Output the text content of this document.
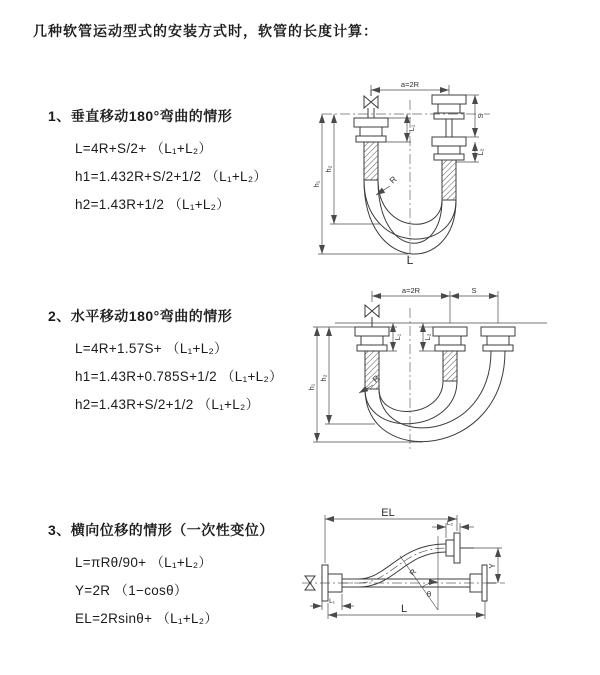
几种软管运动型式的安装方式时，软管的长度计算：
1、垂直移动180°弯曲的情形
L=4R+S/2+ （L₁+L₂）
h1=1.432R+S/2+1/2 （L₁+L₂）
h2=1.43R+1/2 （L₁+L₂）
2、水平移动180°弯曲的情形
L=4R+1.57S+ （L₁+L₂）
h1=1.43R+0.785S+1/2 （L₁+L₂）
h2=1.43R+S/2+1/2 （L₁+L₂）
3、横向位移的情形（一次性变位）
L=πRθ/90+ （L₁+L₂）
Y=2R （1−cosθ）
EL=2Rsinθ+ （L₁+L₂）
a=2R
h₁
h₂
L₁
S
L₂
R
L
a=2R	S
h₁
h₂
L₁	L₂
R
EL
L₂
Y
θ
R
L₁
L
